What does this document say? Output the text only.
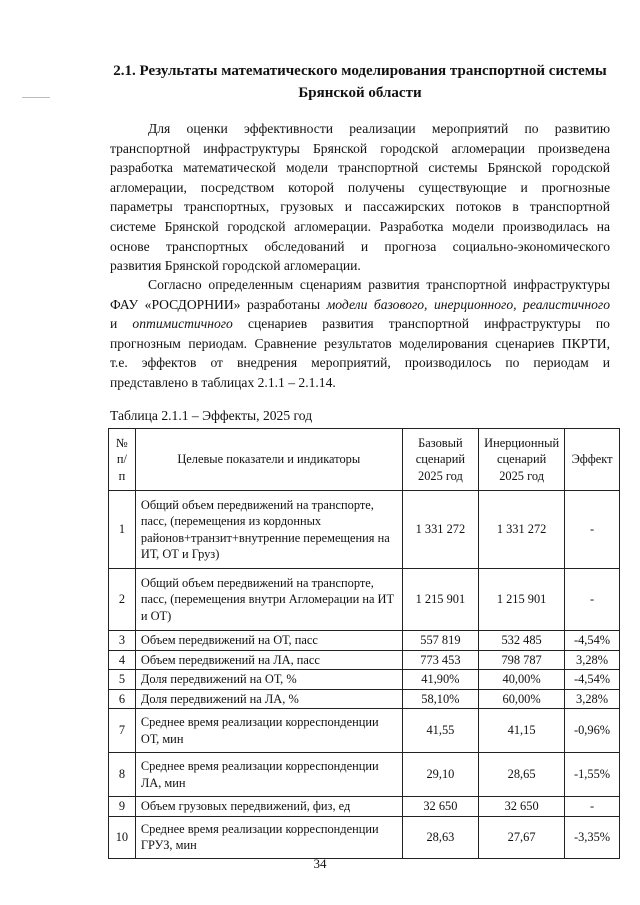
2.1. Результаты математического моделирования транспортной системы
Брянской области
Для оценки эффективности реализации мероприятий по развитию
транспортной инфраструктуры Брянской городской агломерации произведена
разработка математической модели транспортной системы Брянской городской
агломерации, посредством которой получены существующие и прогнозные
параметры транспортных, грузовых и пассажирских потоков в транспортной
системе Брянской городской агломерации. Разработка модели производилась на
основе транспортных обследований и прогноза социально-экономического
развития Брянской городской агломерации.
Согласно определенным сценариям развития транспортной инфраструктуры
ФАУ «РОСДОРНИИ» разработаны модели базового, инерционного, реалистичного
и оптимистичного сценариев развития транспортной инфраструктуры по
прогнозным периодам. Сравнение результатов моделирования сценариев ПКРТИ,
т.е. эффектов от внедрения мероприятий, производилось по периодам и
представлено в таблицах 2.1.1 – 2.1.14.
Таблица 2.1.1 – Эффекты, 2025 год
№ п/п	Целевые показатели и индикаторы	Базовый сценарий 2025 год	Инерционный сценарий 2025 год	Эффект
1	Общий объем передвижений на транспорте, пасс, (перемещения из кордонных районов+транзит+внутренние перемещения на ИТ, ОТ и Груз)	1 331 272	1 331 272	-
2	Общий объем передвижений на транспорте, пасс, (перемещения внутри Агломерации на ИТ и ОТ)	1 215 901	1 215 901	-
3	Объем передвижений на ОТ, пасс	557 819	532 485	-4,54%
4	Объем передвижений на ЛА, пасс	773 453	798 787	3,28%
5	Доля передвижений на ОТ, %	41,90%	40,00%	-4,54%
6	Доля передвижений на ЛА, %	58,10%	60,00%	3,28%
7	Среднее время реализации корреспонденции ОТ, мин	41,55	41,15	-0,96%
8	Среднее время реализации корреспонденции ЛА, мин	29,10	28,65	-1,55%
9	Объем грузовых передвижений, физ, ед	32 650	32 650	-
10	Среднее время реализации корреспонденции ГРУЗ, мин	28,63	27,67	-3,35%
34
